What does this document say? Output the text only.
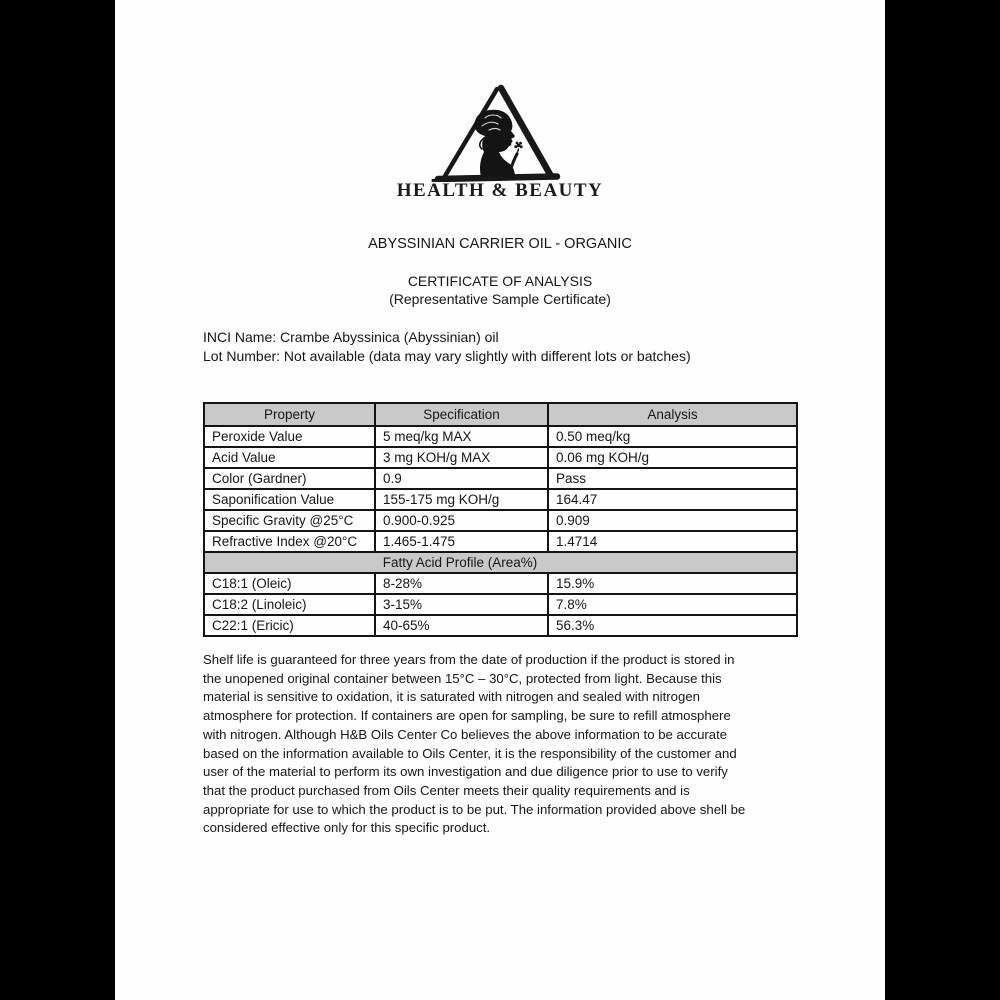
HEALTH & BEAUTY
ABYSSINIAN CARRIER OIL - ORGANIC
CERTIFICATE OF ANALYSIS
(Representative Sample Certificate)
INCI Name: Crambe Abyssinica (Abyssinian) oil
Lot Number: Not available (data may vary slightly with different lots or batches)
Property	Specification	Analysis
Peroxide Value	5 meq/kg MAX	0.50 meq/kg
Acid Value	3 mg KOH/g MAX	0.06 mg KOH/g
Color (Gardner)	0.9	Pass
Saponification Value	155-175 mg KOH/g	164.47
Specific Gravity @25°C	0.900-0.925	0.909
Refractive Index @20°C	1.465-1.475	1.4714
Fatty Acid Profile (Area%)		
C18:1 (Oleic)	8-28%	15.9%
C18:2 (Linoleic)	3-15%	7.8%
C22:1 (Ericic)	40-65%	56.3%
Shelf life is guaranteed for three years from the date of production if the product is stored in
the unopened original container between 15°C – 30°C, protected from light. Because this
material is sensitive to oxidation, it is saturated with nitrogen and sealed with nitrogen
atmosphere for protection. If containers are open for sampling, be sure to refill atmosphere
with nitrogen. Although H&B Oils Center Co believes the above information to be accurate
based on the information available to Oils Center, it is the responsibility of the customer and
user of the material to perform its own investigation and due diligence prior to use to verify
that the product purchased from Oils Center meets their quality requirements and is
appropriate for use to which the product is to be put. The information provided above shell be
considered effective only for this specific product.
